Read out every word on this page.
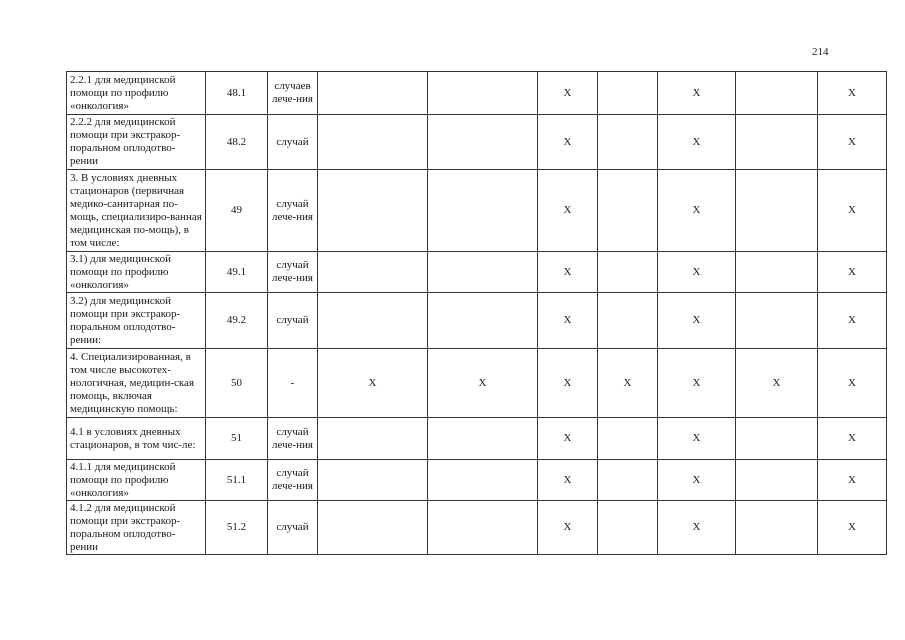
214
2.2.1 для медицинской помощи по профилю «онкология»	48.1	случаев лече-ния			X		X		X
2.2.2 для медицинской помощи при экстракор-поральном оплодотво-рении	48.2	случай			X		X		X
3. В условиях дневных стационаров (первичная медико-санитарная по-мощь, специализиро-ванная медицинская по-мощь), в том числе:	49	случай лече-ния			X		X		X
3.1) для медицинской помощи по профилю «онкология»	49.1	случай лече-ния			X		X		X
3.2) для медицинской помощи при экстракор-поральном оплодотво-рении:	49.2	случай			X		X		X
4. Специализированная, в том числе высокотех-нологичная, медицин-ская помощь, включая медицинскую помощь:	50	-	X	X	X	X	X	X	X
4.1 в условиях дневных стационаров, в том чис-ле:	51	случай лече-ния			X		X		X
4.1.1 для медицинской помощи по профилю «онкология»	51.1	случай лече-ния			X		X		X
4.1.2 для медицинской помощи при экстракор-поральном оплодотво-рении	51.2	случай			X		X		X
